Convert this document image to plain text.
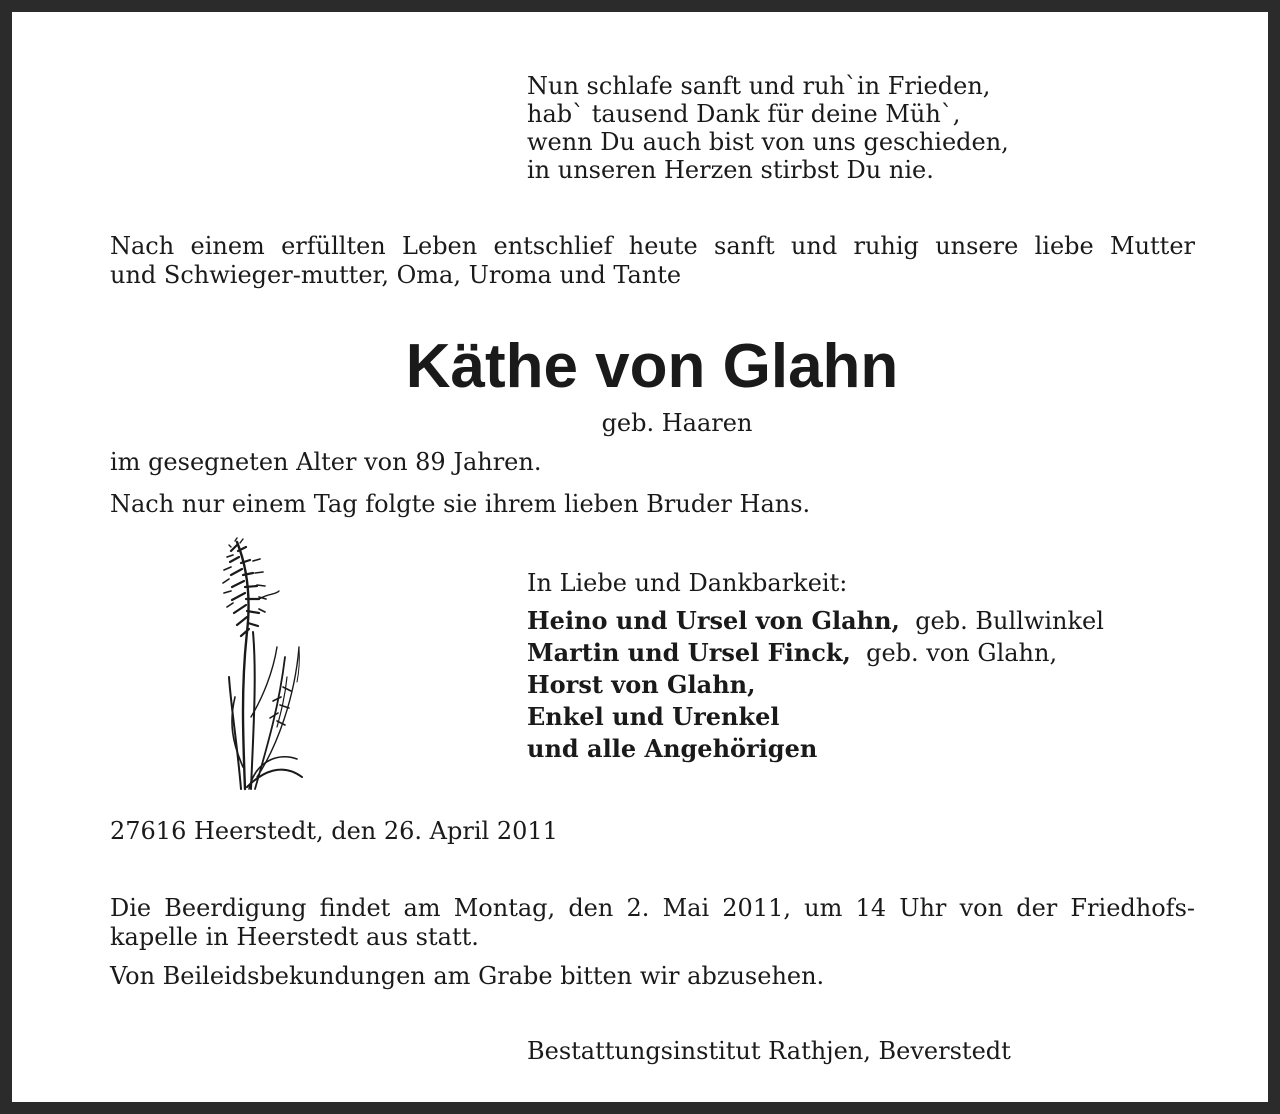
Nun schlafe sanft und ruh`in Frieden,
hab` tausend Dank für deine Müh`,
wenn Du auch bist von uns geschieden,
in unseren Herzen stirbst Du nie.
Nach einem erfüllten Leben entschlief heute sanft und ruhig unsere liebe Mutter
und Schwieger-mutter, Oma, Uroma und Tante
Käthe von Glahn
geb. Haaren
im gesegneten Alter von 89 Jahren.
Nach nur einem Tag folgte sie ihrem lieben Bruder Hans.
In Liebe und Dankbarkeit:
Heino und Ursel von Glahn, geb. Bullwinkel
Martin und Ursel Finck, geb. von Glahn,
Horst von Glahn,
Enkel und Urenkel
und alle Angehörigen
27616 Heerstedt, den 26. April 2011
Die Beerdigung findet am Montag, den 2. Mai 2011, um 14 Uhr von der Friedhofs-
kapelle in Heerstedt aus statt.
Von Beileidsbekundungen am Grabe bitten wir abzusehen.
Bestattungsinstitut Rathjen, Beverstedt
